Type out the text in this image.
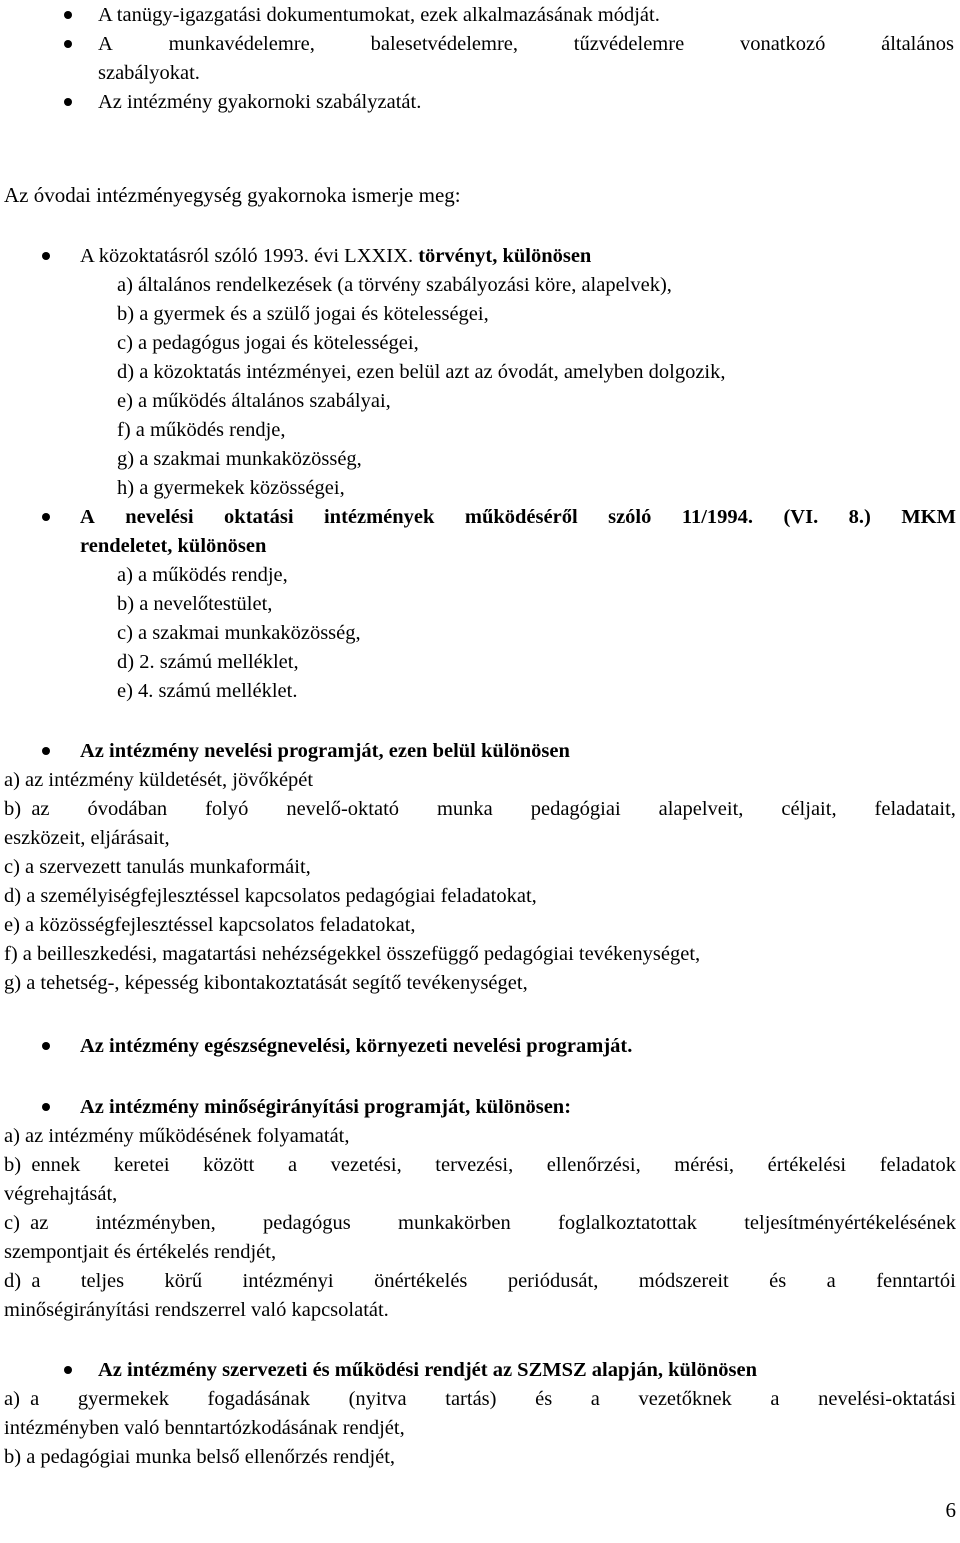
A tanügy-igazgatási dokumentumokat, ezek alkalmazásának módját.
A	munkavédelemre,	balesetvédelemre,	tűzvédelemre	vonatkozó	általános
szabályokat.
Az intézmény gyakornoki szabályzatát.
Az óvodai intézményegység gyakornoka ismerje meg:
A közoktatásról szóló 1993. évi LXXIX. törvényt, különösen
a) általános rendelkezések (a törvény szabályozási köre, alapelvek),
b) a gyermek és a szülő jogai és kötelességei,
c) a pedagógus jogai és kötelességei,
d) a közoktatás intézményei, ezen belül azt az óvodát, amelyben dolgozik,
e) a működés általános szabályai,
f) a működés rendje,
g) a szakmai munkaközösség,
h) a gyermekek közösségei,
A nevelési oktatási intézmények működéséről szóló 11/1994. (VI. 8.) MKM
rendeletet, különösen
a) a működés rendje,
b) a nevelőtestület,
c) a szakmai munkaközösség,
d) 2. számú melléklet,
e) 4. számú melléklet.
Az intézmény nevelési programját, ezen belül különösen
a) az intézmény küldetését, jövőképét
b)  az óvodában folyó nevelő-oktató munka pedagógiai alapelveit, céljait, feladatait,
eszközeit, eljárásait,
c) a szervezett tanulás munkaformáit,
d) a személyiségfejlesztéssel kapcsolatos pedagógiai feladatokat,
e) a közösségfejlesztéssel kapcsolatos feladatokat,
f) a beilleszkedési, magatartási nehézségekkel összefüggő pedagógiai tevékenységet,
g) a tehetség-, képesség kibontakoztatását segítő tevékenységet,
Az intézmény egészségnevelési, környezeti nevelési programját.
Az intézmény minőségirányítási programját, különösen:
a) az intézmény működésének folyamatát,
b)  ennek keretei között a vezetési, tervezési, ellenőrzési, mérési, értékelési feladatok
végrehajtását,
c)  az intézményben, pedagógus munkakörben foglalkoztatottak teljesítményértékelésének
szempontjait és értékelés rendjét,
d)  a teljes körű intézményi önértékelés periódusát, módszereit és a fenntartói
minőségirányítási rendszerrel való kapcsolatát.
Az intézmény szervezeti és működési rendjét az SZMSZ alapján, különösen
a)  a gyermekek fogadásának (nyitva tartás) és a vezetőknek a nevelési-oktatási
intézményben való benntartózkodásának rendjét,
b) a pedagógiai munka belső ellenőrzés rendjét,
6
